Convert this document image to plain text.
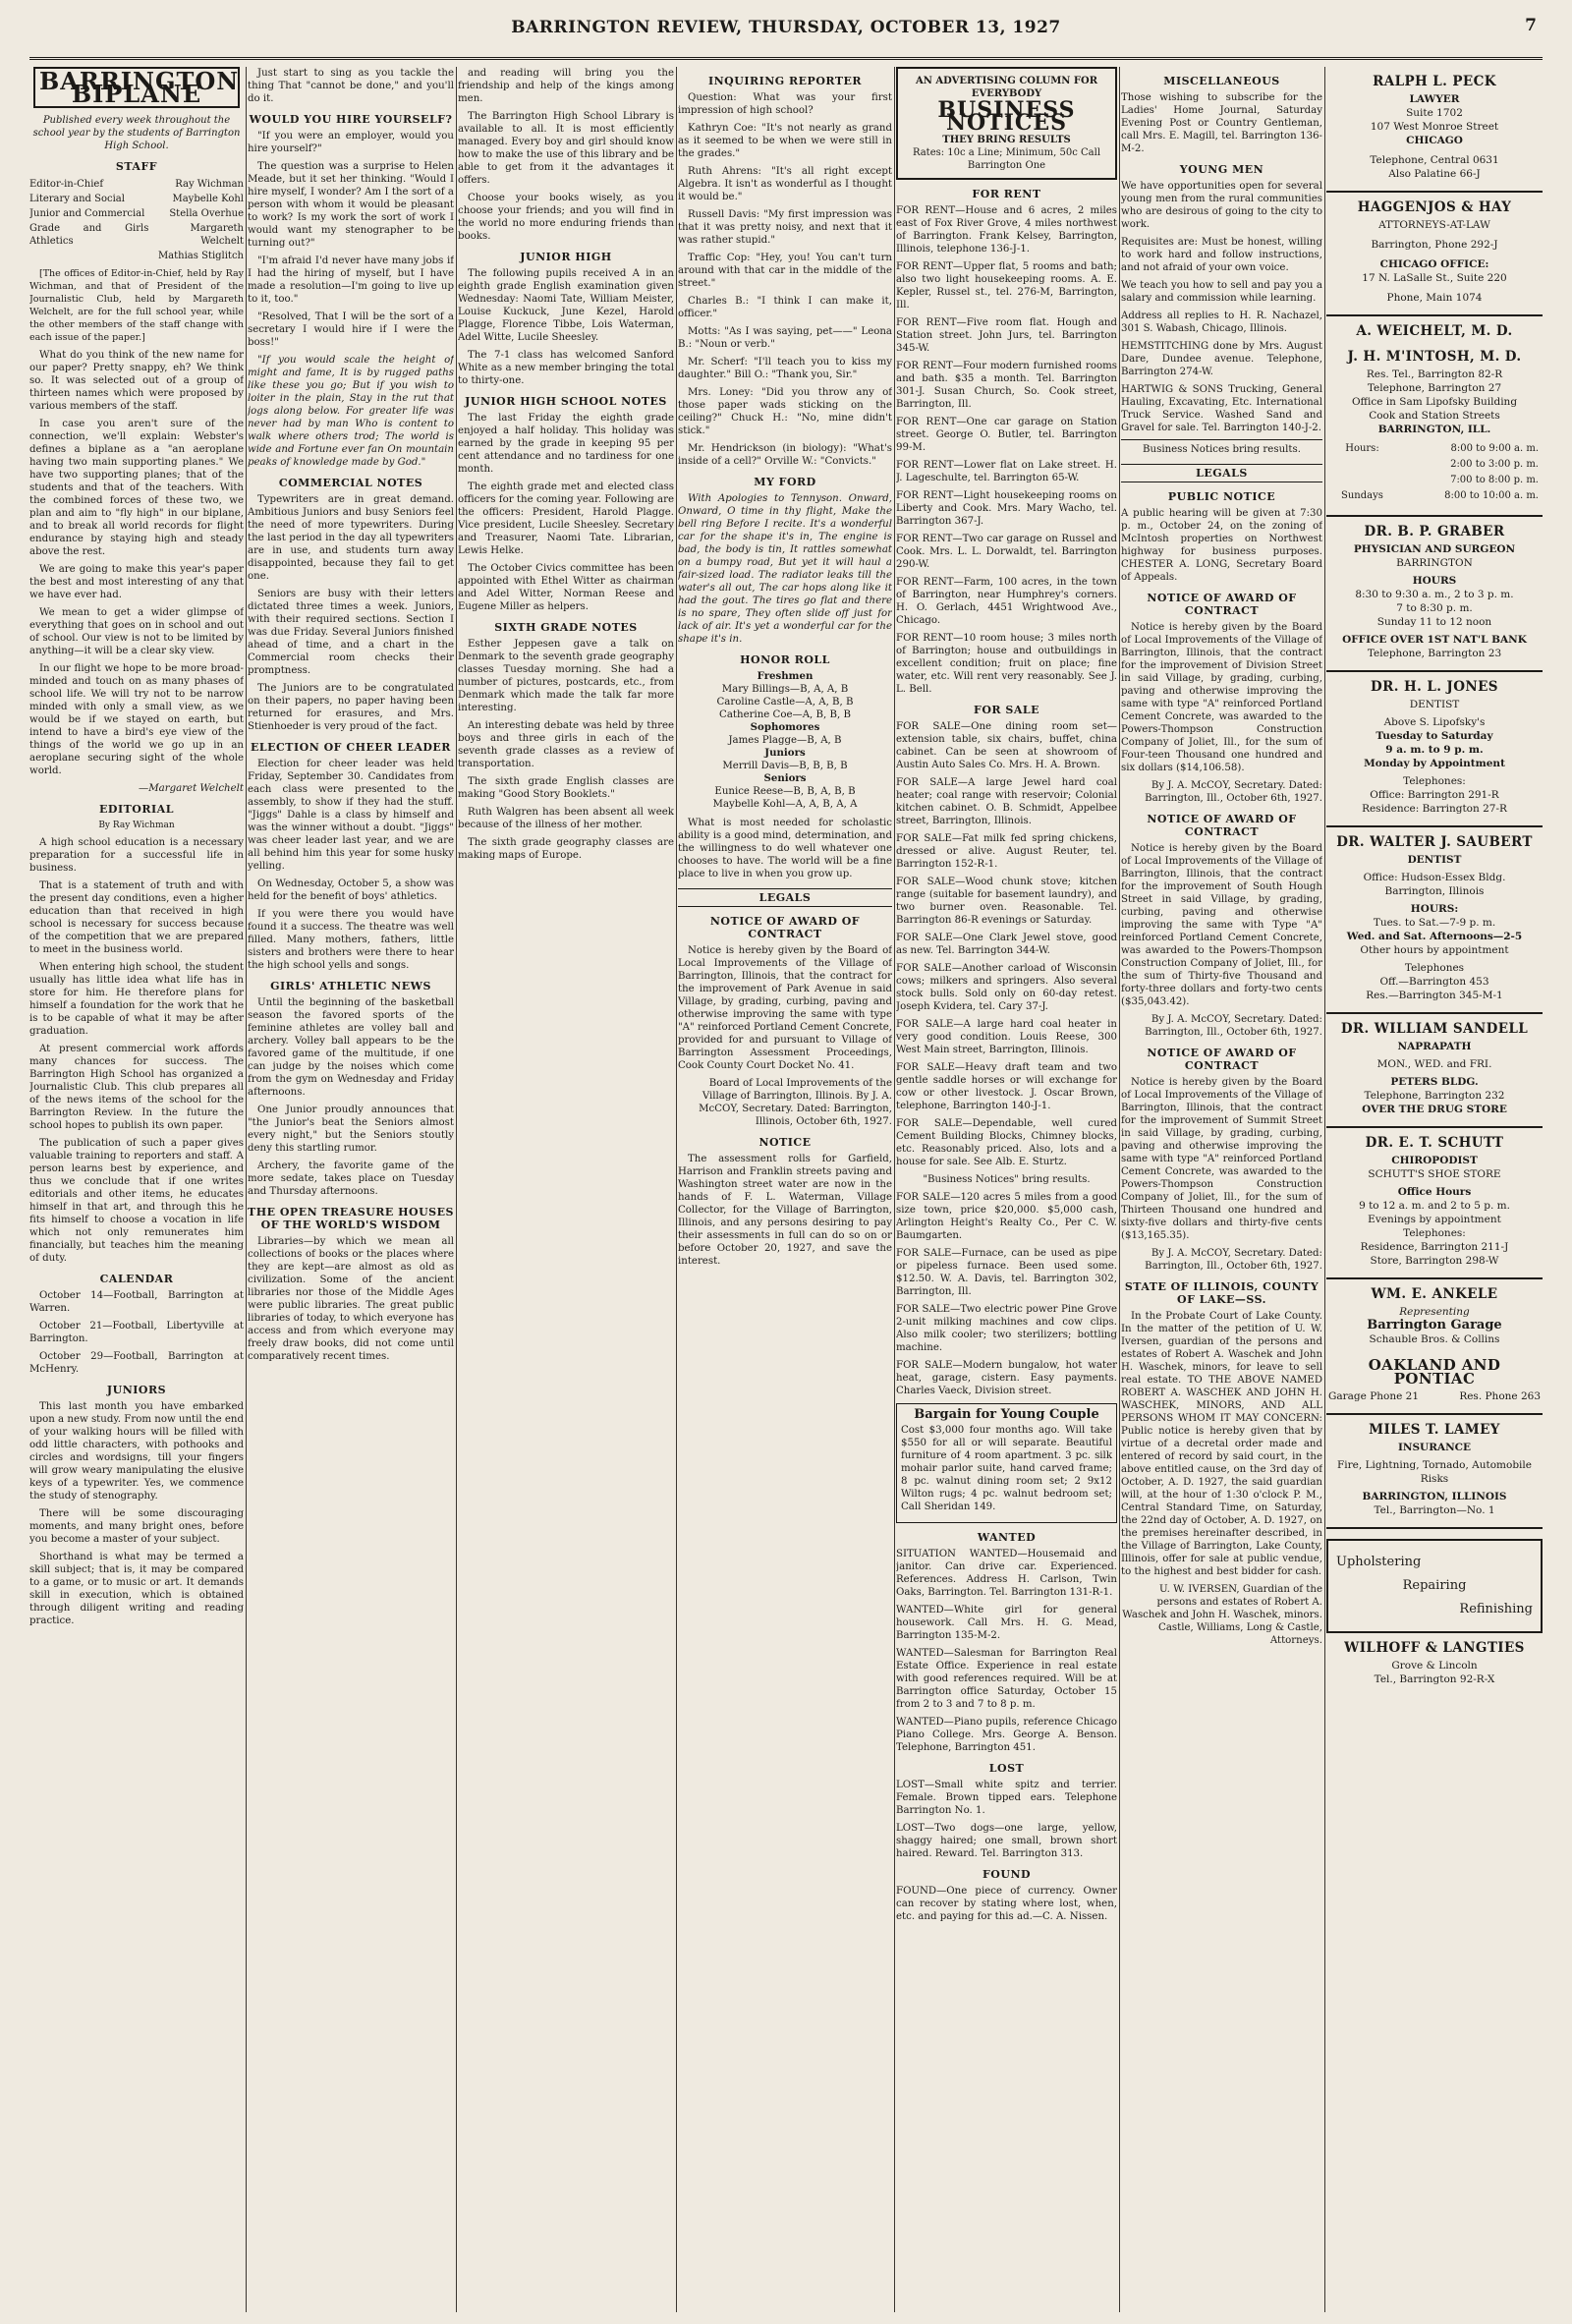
BARRINGTON REVIEW, THURSDAY, OCTOBER 13, 1927	7
BARRINGTON BIPLANE
Published every week throughout the school year by the students of Barrington High School.
STAFF
Editor-in-Chief	Ray Wichman
Literary and Social	Maybelle Kohl
Junior and Commercial	Stella Overhue
Grade and Girls Athletics	Margareth Welchelt
	Mathias Stiglitch

[The offices of Editor-in-Chief, held by Ray Wichman, and that of President of the Journalistic Club, held by Margareth Welchelt, are for the full school year, while the other members of the staff change with each issue of the paper.]

What do you think of the new name for our paper? Pretty snappy, eh? We think so. It was selected out of a group of thirteen names which were proposed by various members of the staff.

In case you aren't sure of the connection, we'll explain: Webster's defines a biplane as a "an aeroplane having two main supporting planes." We have two supporting planes; that of the students and that of the teachers. With the combined forces of these two, we plan and aim to "fly high" in our biplane, and to break all world records for flight endurance by staying high and steady above the rest.

We are going to make this year's paper the best and most interesting of any that we have ever had.

We mean to get a wider glimpse of everything that goes on in school and out of school. Our view is not to be limited by anything—it will be a clear sky view.

In our flight we hope to be more broad-minded and touch on as many phases of school life. We will try not to be narrow minded with only a small view, as we would be if we stayed on earth, but intend to have a bird's eye view of the things of the world we go up in an aeroplane securing sight of the whole world.

—Margaret Welchelt
EDITORIAL
By Ray Wichman

A high school education is a necessary preparation for a successful life in business.

That is a statement of truth and with the present day conditions, even a higher education than that received in high school is necessary for success because of the competition that we are prepared to meet in the business world.

When entering high school, the student usually has little idea what life has in store for him. He therefore plans for himself a foundation for the work that he is to be capable of what it may be after graduation.

At present commercial work affords many chances for success. The Barrington High School has organized a Journalistic Club. This club prepares all of the news items of the school for the Barrington Review. In the future the school hopes to publish its own paper.

The publication of such a paper gives valuable training to reporters and staff. A person learns best by experience, and thus we conclude that if one writes editorials and other items, he educates himself in that art, and through this he fits himself to choose a vocation in life which not only remunerates him financially, but teaches him the meaning of duty.

CALENDAR

October 14—Football, Barrington at Warren.

October 21—Football, Libertyville at Barrington.

October 29—Football, Barrington at McHenry.

JUNIORS

This last month you have embarked upon a new study. From now until the end of your walking hours will be filled with odd little characters, with pothooks and circles and wordsigns, till your fingers will grow weary manipulating the elusive keys of a typewriter. Yes, we commence the study of stenography.

There will be some discouraging moments, and many bright ones, before you become a master of your subject.

Shorthand is what may be termed a skill subject; that is, it may be compared to a game, or to music or art. It demands skill in execution, which is obtained through diligent writing and reading practice.

Just start to sing as you tackle the thing That "cannot be done," and you'll do it.

WOULD YOU HIRE YOURSELF?

"If you were an employer, would you hire yourself?"

The question was a surprise to Helen Meade, but it set her thinking. "Would I hire myself, I wonder? Am I the sort of a person with whom it would be pleasant to work? Is my work the sort of work I would want my stenographer to be turning out?"

"I'm afraid I'd never have many jobs if I had the hiring of myself, but I have made a resolution—I'm going to live up to it, too."

"Resolved, That I will be the sort of a secretary I would hire if I were the boss!"

"If you would scale the height of might and fame, It is by rugged paths like these you go; But if you wish to loiter in the plain, Stay in the rut that jogs along below. For greater life was never had by man Who is content to walk where others trod; The world is wide and Fortune ever fan On mountain peaks of knowledge made by God."

COMMERCIAL NOTES

Typewriters are in great demand. Ambitious Juniors and busy Seniors feel the need of more typewriters. During the last period in the day all typewriters are in use, and students turn away disappointed, because they fail to get one.

Seniors are busy with their letters dictated three times a week. Juniors, with their required sections. Section I was due Friday. Several Juniors finished ahead of time, and a chart in the Commercial room checks their promptness.

The Juniors are to be congratulated on their papers, no paper having been returned for erasures, and Mrs. Stienhoeder is very proud of the fact.

ELECTION OF CHEER LEADER

Election for cheer leader was held Friday, September 30. Candidates from each class were presented to the assembly, to show if they had the stuff. "Jiggs" Dahle is a class by himself and was the winner without a doubt. "Jiggs" was cheer leader last year, and we are all behind him this year for some husky yelling.

On Wednesday, October 5, a show was held for the benefit of boys' athletics.

If you were there you would have found it a success. The theatre was well filled. Many mothers, fathers, little sisters and brothers were there to hear the high school yells and songs.

GIRLS' ATHLETIC NEWS

Until the beginning of the basketball season the favored sports of the feminine athletes are volley ball and archery. Volley ball appears to be the favored game of the multitude, if one can judge by the noises which come from the gym on Wednesday and Friday afternoons.

One Junior proudly announces that "the Junior's beat the Seniors almost every night," but the Seniors stoutly deny this startling rumor.

Archery, the favorite game of the more sedate, takes place on Tuesday and Thursday afternoons.

THE OPEN TREASURE HOUSES OF THE WORLD'S WISDOM

Libraries—by which we mean all collections of books or the places where they are kept—are almost as old as civilization. Some of the ancient libraries nor those of the Middle Ages were public libraries. The great public libraries of today, to which everyone has access and from which everyone may freely draw books, did not come until comparatively recent times.

and reading will bring you the friendship and help of the kings among men.

The Barrington High School Library is available to all. It is most efficiently managed. Every boy and girl should know how to make the use of this library and be able to get from it the advantages it offers.

Choose your books wisely, as you choose your friends; and you will find in the world no more enduring friends than books.

JUNIOR HIGH

The following pupils received A in an eighth grade English examination given Wednesday: Naomi Tate, William Meister, Louise Kuckuck, June Kezel, Harold Plagge, Florence Tibbe, Lois Waterman, Adel Witte, Lucile Sheesley.

The 7-1 class has welcomed Sanford White as a new member bringing the total to thirty-one.

JUNIOR HIGH SCHOOL NOTES

The last Friday the eighth grade enjoyed a half holiday. This holiday was earned by the grade in keeping 95 per cent attendance and no tardiness for one month.

The eighth grade met and elected class officers for the coming year. Following are the officers: President, Harold Plagge. Vice president, Lucile Sheesley. Secretary and Treasurer, Naomi Tate. Librarian, Lewis Helke.

The October Civics committee has been appointed with Ethel Witter as chairman and Adel Witter, Norman Reese and Eugene Miller as helpers.

SIXTH GRADE NOTES

Esther Jeppesen gave a talk on Denmark to the seventh grade geography classes Tuesday morning. She had a number of pictures, postcards, etc., from Denmark which made the talk far more interesting.

An interesting debate was held by three boys and three girls in each of the seventh grade classes as a review of transportation.

The sixth grade English classes are making "Good Story Booklets."

Ruth Walgren has been absent all week because of the illness of her mother.

The sixth grade geography classes are making maps of Europe.

INQUIRING REPORTER

Question: What was your first impression of high school?

Kathryn Coe: "It's not nearly as grand as it seemed to be when we were still in the grades."

Ruth Ahrens: "It's all right except Algebra. It isn't as wonderful as I thought it would be."

Russell Davis: "My first impression was that it was pretty noisy, and next that it was rather stupid."

Traffic Cop: "Hey, you! You can't turn around with that car in the middle of the street."

Charles B.: "I think I can make it, officer."

Motts: "As I was saying, pet——" Leona B.: "Noun or verb."

Mr. Scherf: "I'll teach you to kiss my daughter." Bill O.: "Thank you, Sir."

Mrs. Loney: "Did you throw any of those paper wads sticking on the ceiling?" Chuck H.: "No, mine didn't stick."

Mr. Hendrickson (in biology): "What's inside of a cell?" Orville W.: "Convicts."

MY FORD

With Apologies to Tennyson. Onward, Onward, O time in thy flight, Make the bell ring Before I recite. It's a wonderful car for the shape it's in, The engine is bad, the body is tin, It rattles somewhat on a bumpy road, But yet it will haul a fair-sized load. The radiator leaks till the water's all out, The car hops along like it had the gout. The tires go flat and there is no spare, They often slide off just for lack of air. It's yet a wonderful car for the shape it's in.

HONOR ROLL
Freshmen
Mary Billings—B, A, A, B
Caroline Castle—A, A, B, B
Catherine Coe—A, B, B, B
Sophomores
James Plagge—B, A, B
Juniors
Merrill Davis—B, B, B, B
Seniors
Eunice Reese—B, B, A, B, B
Maybelle Kohl—A, A, B, A, A

What is most needed for scholastic ability is a good mind, determination, and the willingness to do well whatever one chooses to have. The world will be a fine place to live in when you grow up.

LEGALS
NOTICE OF AWARD OF CONTRACT

Notice is hereby given by the Board of Local Improvements of the Village of Barrington, Illinois, that the contract for the improvement of Park Avenue in said Village, by grading, curbing, paving and otherwise improving the same with type "A" reinforced Portland Cement Concrete, provided for and pursuant to Village of Barrington Assessment Proceedings, Cook County Court Docket No. 41.

Board of Local Improvements of the Village of Barrington, Illinois. By J. A. McCOY, Secretary. Dated: Barrington, Illinois, October 6th, 1927.

NOTICE

The assessment rolls for Garfield, Harrison and Franklin streets paving and Washington street water are now in the hands of F. L. Waterman, Village Collector, for the Village of Barrington, Illinois, and any persons desiring to pay their assessments in full can do so on or before October 20, 1927, and save the interest.

AN ADVERTISING COLUMN FOR EVERYBODY
BUSINESS NOTICES
THEY BRING RESULTS
Rates: 10c a Line; Minimum, 50c Call Barrington One
FOR RENT

FOR RENT—House and 6 acres, 2 miles east of Fox River Grove, 4 miles northwest of Barrington. Frank Kelsey, Barrington, Illinois, telephone 136-J-1.

FOR RENT—Upper flat, 5 rooms and bath; also two light housekeeping rooms. A. E. Kepler, Russel st., tel. 276-M, Barrington, Ill.

FOR RENT—Five room flat. Hough and Station street. John Jurs, tel. Barrington 345-W.

FOR RENT—Four modern furnished rooms and bath. $35 a month. Tel. Barrington 301-J. Susan Church, So. Cook street, Barrington, Ill.

FOR RENT—One car garage on Station street. George O. Butler, tel. Barrington 99-M.

FOR RENT—Lower flat on Lake street. H. J. Lageschulte, tel. Barrington 65-W.

FOR RENT—Light housekeeping rooms on Liberty and Cook. Mrs. Mary Wacho, tel. Barrington 367-J.

FOR RENT—Two car garage on Russel and Cook. Mrs. L. L. Dorwaldt, tel. Barrington 290-W.

FOR RENT—Farm, 100 acres, in the town of Barrington, near Humphrey's corners. H. O. Gerlach, 4451 Wrightwood Ave., Chicago.

FOR RENT—10 room house; 3 miles north of Barrington; house and outbuildings in excellent condition; fruit on place; fine water, etc. Will rent very reasonably. See J. L. Bell.

FOR SALE

FOR SALE—One dining room set—extension table, six chairs, buffet, china cabinet. Can be seen at showroom of Austin Auto Sales Co. Mrs. H. A. Brown.

FOR SALE—A large Jewel hard coal heater; coal range with reservoir; Colonial kitchen cabinet. O. B. Schmidt, Appelbee street, Barrington, Illinois.

FOR SALE—Fat milk fed spring chickens, dressed or alive. August Reuter, tel. Barrington 152-R-1.

FOR SALE—Wood chunk stove; kitchen range (suitable for basement laundry), and two burner oven. Reasonable. Tel. Barrington 86-R evenings or Saturday.

FOR SALE—One Clark Jewel stove, good as new. Tel. Barrington 344-W.

FOR SALE—Another carload of Wisconsin cows; milkers and springers. Also several stock bulls. Sold only on 60-day retest. Joseph Kvidera, tel. Cary 37-J.

FOR SALE—A large hard coal heater in very good condition. Louis Reese, 300 West Main street, Barrington, Illinois.

FOR SALE—Heavy draft team and two gentle saddle horses or will exchange for cow or other livestock. J. Oscar Brown, telephone, Barrington 140-J-1.

FOR SALE—Dependable, well cured Cement Building Blocks, Chimney blocks, etc. Reasonably priced. Also, lots and a house for sale. See Alb. E. Sturtz.

"Business Notices" bring results.

FOR SALE—120 acres 5 miles from a good size town, price $20,000. $5,000 cash, Arlington Height's Realty Co., Per C. W. Baumgarten.

FOR SALE—Furnace, can be used as pipe or pipeless furnace. Been used some. $12.50. W. A. Davis, tel. Barrington 302, Barrington, Ill.

FOR SALE—Two electric power Pine Grove 2-unit milking machines and cow clips. Also milk cooler; two sterilizers; bottling machine.

FOR SALE—Modern bungalow, hot water heat, garage, cistern. Easy payments. Charles Vaeck, Division street.

Bargain for Young Couple

Cost $3,000 four months ago. Will take $550 for all or will separate. Beautiful furniture of 4 room apartment. 3 pc. silk mohair parlor suite, hand carved frame; 8 pc. walnut dining room set; 2 9x12 Wilton rugs; 4 pc. walnut bedroom set; Call Sheridan 149.

WANTED

SITUATION WANTED—Housemaid and janitor. Can drive car. Experienced. References. Address H. Carlson, Twin Oaks, Barrington. Tel. Barrington 131-R-1.

WANTED—White girl for general housework. Call Mrs. H. G. Mead, Barrington 135-M-2.

WANTED—Salesman for Barrington Real Estate Office. Experience in real estate with good references required. Will be at Barrington office Saturday, October 15 from 2 to 3 and 7 to 8 p. m.

WANTED—Piano pupils, reference Chicago Piano College. Mrs. George A. Benson. Telephone, Barrington 451.

LOST

LOST—Small white spitz and terrier. Female. Brown tipped ears. Telephone Barrington No. 1.

LOST—Two dogs—one large, yellow, shaggy haired; one small, brown short haired. Reward. Tel. Barrington 313.

FOUND

FOUND—One piece of currency. Owner can recover by stating where lost, when, etc. and paying for this ad.—C. A. Nissen.

MISCELLANEOUS

Those wishing to subscribe for the Ladies' Home Journal, Saturday Evening Post or Country Gentleman, call Mrs. E. Magill, tel. Barrington 136-M-2.

YOUNG MEN

We have opportunities open for several young men from the rural communities who are desirous of going to the city to work.

Requisites are: Must be honest, willing to work hard and follow instructions, and not afraid of your own voice.

We teach you how to sell and pay you a salary and commission while learning.

Address all replies to H. R. Nachazel, 301 S. Wabash, Chicago, Illinois.

HEMSTITCHING done by Mrs. August Dare, Dundee avenue. Telephone, Barrington 274-W.

HARTWIG & SONS Trucking, General Hauling, Excavating, Etc. International Truck Service. Washed Sand and Gravel for sale. Tel. Barrington 140-J-2.

Business Notices bring results.

LEGALS
PUBLIC NOTICE

A public hearing will be given at 7:30 p. m., October 24, on the zoning of McIntosh properties on Northwest highway for business purposes. CHESTER A. LONG, Secretary Board of Appeals.

NOTICE OF AWARD OF CONTRACT

Notice is hereby given by the Board of Local Improvements of the Village of Barrington, Illinois, that the contract for the improvement of Division Street in said Village, by grading, curbing, paving and otherwise improving the same with type "A" reinforced Portland Cement Concrete, was awarded to the Powers-Thompson Construction Company of Joliet, Ill., for the sum of Four-teen Thousand one hundred and six dollars ($14,106.58).

By J. A. McCOY, Secretary. Dated: Barrington, Ill., October 6th, 1927.

NOTICE OF AWARD OF CONTRACT

Notice is hereby given by the Board of Local Improvements of the Village of Barrington, Illinois, that the contract for the improvement of South Hough Street in said Village, by grading, curbing, paving and otherwise improving the same with Type "A" reinforced Portland Cement Concrete, was awarded to the Powers-Thompson Construction Company of Joliet, Ill., for the sum of Thirty-five Thousand and forty-three dollars and forty-two cents ($35,043.42).

By J. A. McCOY, Secretary. Dated: Barrington, Ill., October 6th, 1927.

NOTICE OF AWARD OF CONTRACT

Notice is hereby given by the Board of Local Improvements of the Village of Barrington, Illinois, that the contract for the improvement of Summit Street in said Village, by grading, curbing, paving and otherwise improving the same with type "A" reinforced Portland Cement Concrete, was awarded to the Powers-Thompson Construction Company of Joliet, Ill., for the sum of Thirteen Thousand one hundred and sixty-five dollars and thirty-five cents ($13,165.35).

By J. A. McCOY, Secretary. Dated: Barrington, Ill., October 6th, 1927.

STATE OF ILLINOIS, COUNTY OF LAKE—SS.

In the Probate Court of Lake County. In the matter of the petition of U. W. Iversen, guardian of the persons and estates of Robert A. Waschek and John H. Waschek, minors, for leave to sell real estate. TO THE ABOVE NAMED ROBERT A. WASCHEK AND JOHN H. WASCHEK, MINORS, AND ALL PERSONS WHOM IT MAY CONCERN: Public notice is hereby given that by virtue of a decretal order made and entered of record by said court, in the above entitled cause, on the 3rd day of October, A. D. 1927, the said guardian will, at the hour of 1:30 o'clock P. M., Central Standard Time, on Saturday, the 22nd day of October, A. D. 1927, on the premises hereinafter described, in the Village of Barrington, Lake County, Illinois, offer for sale at public vendue, to the highest and best bidder for cash.

U. W. IVERSEN, Guardian of the persons and estates of Robert A. Waschek and John H. Waschek, minors. Castle, Williams, Long & Castle, Attorneys.

RALPH L. PECK
LAWYER
Suite 1702
107 West Monroe Street
CHICAGO
Telephone, Central 0631
Also Palatine 66-J
HAGGENJOS & HAY
ATTORNEYS-AT-LAW
Barrington, Phone 292-J
CHICAGO OFFICE:
17 N. LaSalle St., Suite 220
Phone, Main 1074
A. WEICHELT, M. D.
J. H. M'INTOSH, M. D.
Res. Tel., Barrington 82-R
Telephone, Barrington 27
Office in Sam Lipofsky Building
Cook and Station Streets
BARRINGTON, ILL.
Hours:	8:00 to 9:00 a. m.
	2:00 to 3:00 p. m.
	7:00 to 8:00 p. m.
Sundays	8:00 to 10:00 a. m.
DR. B. P. GRABER
PHYSICIAN AND SURGEON
BARRINGTON
HOURS
8:30 to 9:30 a. m., 2 to 3 p. m.
7 to 8:30 p. m.
Sunday 11 to 12 noon
OFFICE OVER 1ST NAT'L BANK
Telephone, Barrington 23
DR. H. L. JONES
DENTIST
Above S. Lipofsky's
Tuesday to Saturday
9 a. m. to 9 p. m.
Monday by Appointment
Telephones:
Office: Barrington 291-R
Residence: Barrington 27-R
DR. WALTER J. SAUBERT
DENTIST
Office: Hudson-Essex Bldg.
Barrington, Illinois
HOURS:
Tues. to Sat.—7-9 p. m.
Wed. and Sat. Afternoons—2-5
Other hours by appointment
Telephones
Off.—Barrington 453
Res.—Barrington 345-M-1
DR. WILLIAM SANDELL
NAPRAPATH
MON., WED. and FRI.
PETERS BLDG.
Telephone, Barrington 232
OVER THE DRUG STORE
DR. E. T. SCHUTT
CHIROPODIST
SCHUTT'S SHOE STORE
Office Hours
9 to 12 a. m. and 2 to 5 p. m.
Evenings by appointment
Telephones:
Residence, Barrington 211-J
Store, Barrington 298-W
WM. E. ANKELE
Representing
Barrington Garage
Schauble Bros. & Collins
OAKLAND AND PONTIAC
Garage Phone 21	Res. Phone 263
MILES T. LAMEY
INSURANCE
Fire, Lightning, Tornado, Automobile Risks
BARRINGTON, ILLINOIS
Tel., Barrington—No. 1
Upholstering
Repairing
Refinishing
WILHOFF & LANGTIES
Grove & Lincoln
Tel., Barrington 92-R-X
